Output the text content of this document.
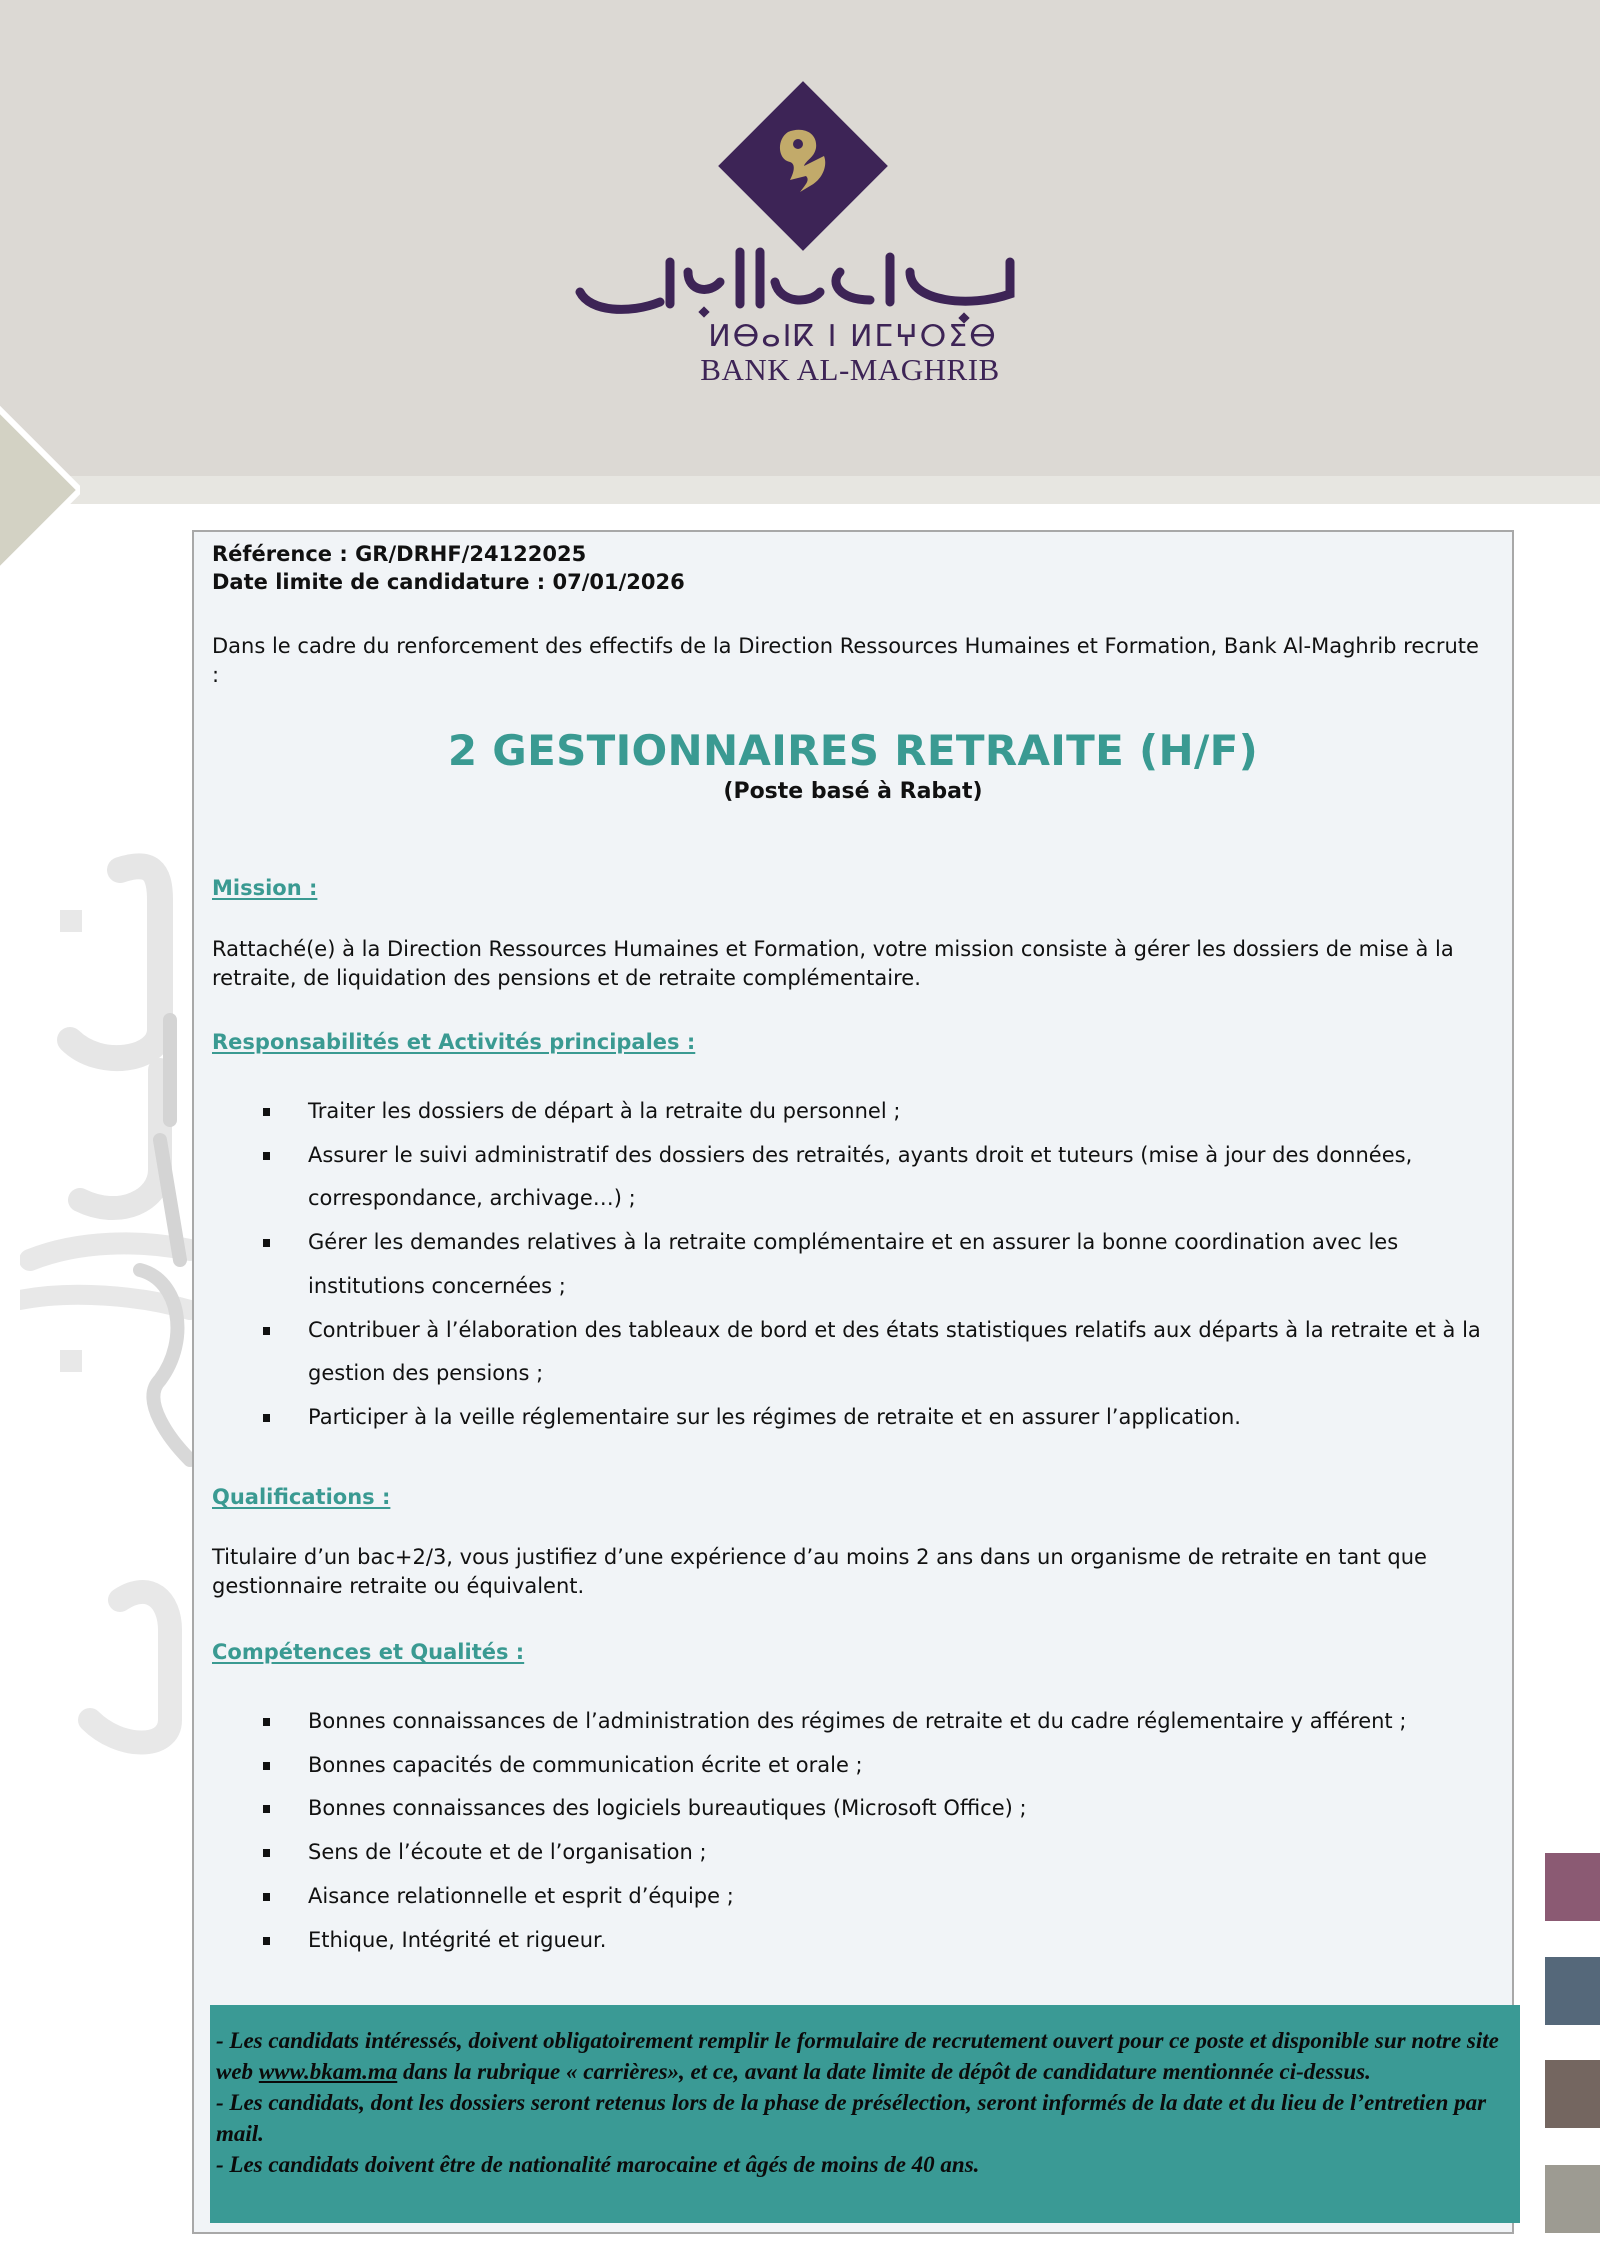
ⵍⴱⴰⵏⴽ ⵏ ⵍⵎⵖⵔⵉⴱ
BANK AL-MAGHRIB
Référence : GR/DRHF/24122025
Date limite de candidature : 07/01/2026

Dans le cadre du renforcement des effectifs de la Direction Ressources Humaines et Formation, Bank Al-Maghrib recrute :

2 GESTIONNAIRES RETRAITE (H/F)
(Poste basé à Rabat)
Mission :

Rattaché(e) à la Direction Ressources Humaines et Formation, votre mission consiste à gérer les dossiers de mise à la retraite, de liquidation des pensions et de retraite complémentaire.

Responsabilités et Activités principales :
Traiter les dossiers de départ à la retraite du personnel ;
Assurer le suivi administratif des dossiers des retraités, ayants droit et tuteurs (mise à jour des données, correspondance, archivage…) ;
Gérer les demandes relatives à la retraite complémentaire et en assurer la bonne coordination avec les institutions concernées ;
Contribuer à l’élaboration des tableaux de bord et des états statistiques relatifs aux départs à la retraite et à la gestion des pensions ;
Participer à la veille réglementaire sur les régimes de retraite et en assurer l’application.
Qualifications :

Titulaire d’un bac+2/3, vous justifiez d’une expérience d’au moins 2 ans dans un organisme de retraite en tant que gestionnaire retraite ou équivalent.

Compétences et Qualités :
Bonnes connaissances de l’administration des régimes de retraite et du cadre réglementaire y afférent ;
Bonnes capacités de communication écrite et orale ;
Bonnes connaissances des logiciels bureautiques (Microsoft Office) ;
Sens de l’écoute et de l’organisation ;
Aisance relationnelle et esprit d’équipe ;
Ethique, Intégrité et rigueur.

- Les candidats intéressés, doivent obligatoirement remplir le formulaire de recrutement ouvert pour ce poste et disponible sur notre site web www.bkam.ma dans la rubrique « carrières», et ce, avant la date limite de dépôt de candidature mentionnée ci-dessus.

- Les candidats, dont les dossiers seront retenus lors de la phase de présélection, seront informés de la date et du lieu de l’entretien par mail.

- Les candidats doivent être de nationalité marocaine et âgés de moins de 40 ans.
